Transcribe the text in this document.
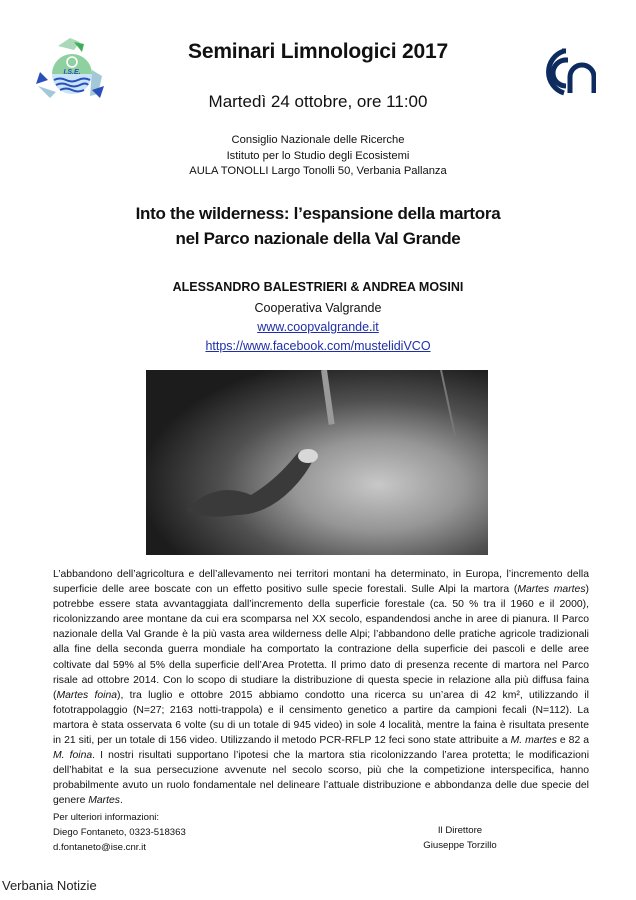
I.S.E.
Seminari Limnologici 2017
Martedì 24 ottobre, ore 11:00
Consiglio Nazionale delle Ricerche
Istituto per lo Studio degli Ecosistemi
AULA TONOLLI Largo Tonolli 50, Verbania Pallanza
Into the wilderness: l’espansione della martora
nel Parco nazionale della Val Grande
ALESSANDRO BALESTRIERI & ANDREA MOSINI
Cooperativa Valgrande
www.coopvalgrande.it
https://www.facebook.com/mustelidiVCO
L’abbandono dell’agricoltura e dell’allevamento nei territori montani ha determinato, in Europa, l’incremento della superficie delle aree boscate con un effetto positivo sulle specie forestali. Sulle Alpi la martora (Martes martes) potrebbe essere stata avvantaggiata dall’incremento della superficie forestale (ca. 50 % tra il 1960 e il 2000), ricolonizzando aree montane da cui era scomparsa nel XX secolo, espandendosi anche in aree di pianura. Il Parco nazionale della Val Grande è la più vasta area wilderness delle Alpi; l’abbandono delle pratiche agricole tradizionali alla fine della seconda guerra mondiale ha comportato la contrazione della superficie dei pascoli e delle aree coltivate dal 59% al 5% della superficie dell’Area Protetta. Il primo dato di presenza recente di martora nel Parco risale ad ottobre 2014. Con lo scopo di studiare la distribuzione di questa specie in relazione alla più diffusa faina (Martes foina), tra luglio e ottobre 2015 abbiamo condotto una ricerca su un’area di 42 km², utilizzando il fototrappolaggio (N=27; 2163 notti-trappola) e il censimento genetico a partire da campioni fecali (N=112). La martora è stata osservata 6 volte (su di un totale di 945 video) in sole 4 località, mentre la faina è risultata presente in 21 siti, per un totale di 156 video. Utilizzando il metodo PCR-RFLP 12 feci sono state attribuite a M. martes e 82 a M. foina. I nostri risultati supportano l’ipotesi che la martora stia ricolonizzando l’area protetta; le modificazioni dell’habitat e la sua persecuzione avvenute nel secolo scorso, più che la competizione interspecifica, hanno probabilmente avuto un ruolo fondamentale nel delineare l’attuale distribuzione e abbondanza delle due specie del genere Martes.
Per ulteriori informazioni:
Diego Fontaneto, 0323-518363
d.fontaneto@ise.cnr.it
Il Direttore
Giuseppe Torzillo
Verbania Notizie
